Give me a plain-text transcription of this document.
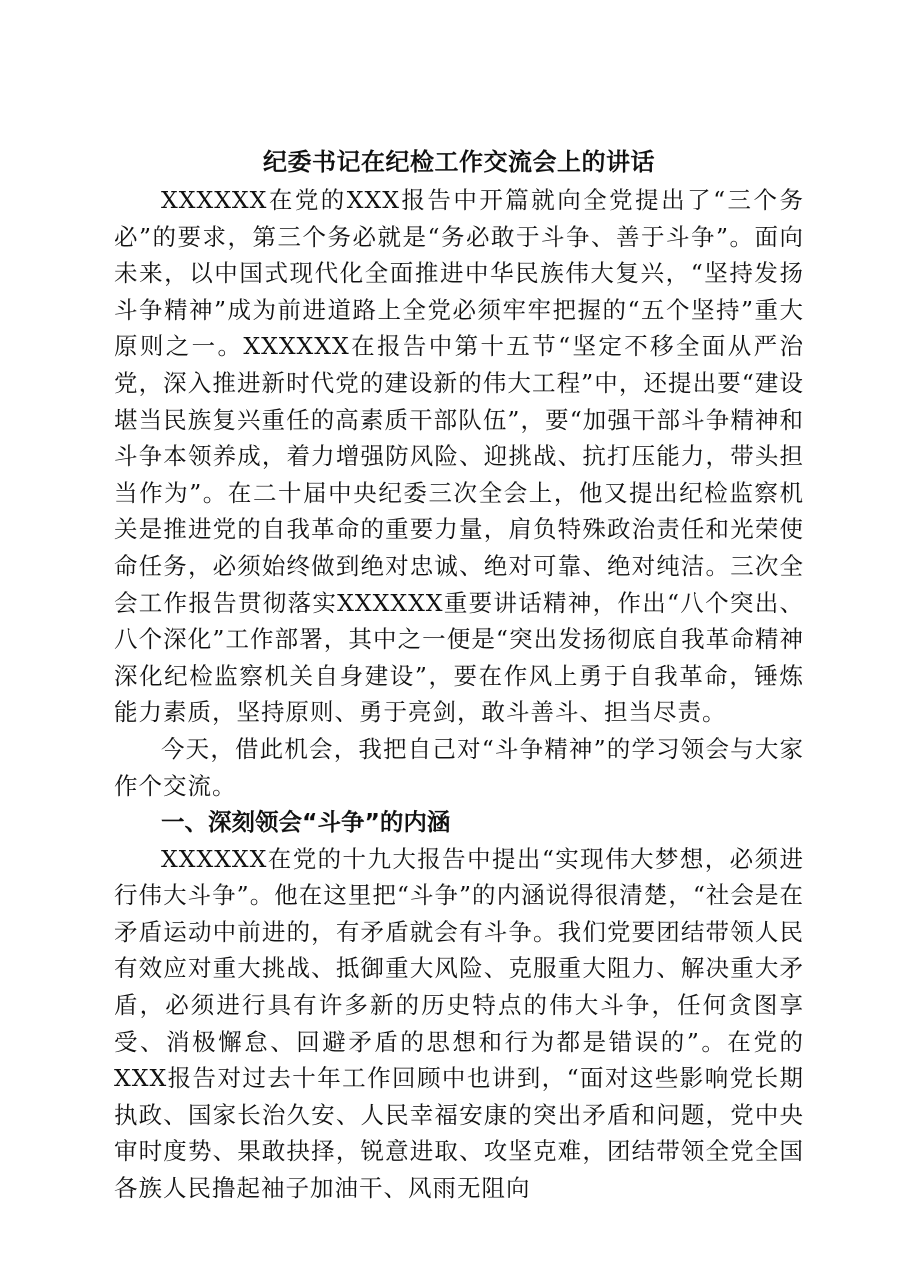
纪委书记在纪检工作交流会上的讲话

XXXXXX在党的XXX报告中开篇就向全党提出了“三个务必”的要求，第三个务必就是“务必敢于斗争、善于斗争”。面向未来，以中国式现代化全面推进中华民族伟大复兴，“坚持发扬斗争精神”成为前进道路上全党必须牢牢把握的“五个坚持”重大原则之一。XXXXXX在报告中第十五节“坚定不移全面从严治党，深入推进新时代党的建设新的伟大工程”中，还提出要“建设堪当民族复兴重任的高素质干部队伍”，要“加强干部斗争精神和斗争本领养成，着力增强防风险、迎挑战、抗打压能力，带头担当作为”。在二十届中央纪委三次全会上，他又提出纪检监察机关是推进党的自我革命的重要力量，肩负特殊政治责任和光荣使命任务，必须始终做到绝对忠诚、绝对可靠、绝对纯洁。三次全会工作报告贯彻落实XXXXXX重要讲话精神，作出“八个突出、八个深化”工作部署，其中之一便是“突出发扬彻底自我革命精神深化纪检监察机关自身建设”，要在作风上勇于自我革命，锤炼能力素质，坚持原则、勇于亮剑，敢斗善斗、担当尽责。

今天，借此机会，我把自己对“斗争精神”的学习领会与大家作个交流。

一、深刻领会“斗争”的内涵

XXXXXX在党的十九大报告中提出“实现伟大梦想，必须进行伟大斗争”。他在这里把“斗争”的内涵说得很清楚，“社会是在矛盾运动中前进的，有矛盾就会有斗争。我们党要团结带领人民有效应对重大挑战、抵御重大风险、克服重大阻力、解决重大矛盾，必须进行具有许多新的历史特点的伟大斗争，任何贪图享受、消极懈怠、回避矛盾的思想和行为都是错误的”。在党的XXX报告对过去十年工作回顾中也讲到，“面对这些影响党长期执政、国家长治久安、人民幸福安康的突出矛盾和问题，党中央审时度势、果敢抉择，锐意进取、攻坚克难，团结带领全党全国各族人民撸起袖子加油干、风雨无阻向
